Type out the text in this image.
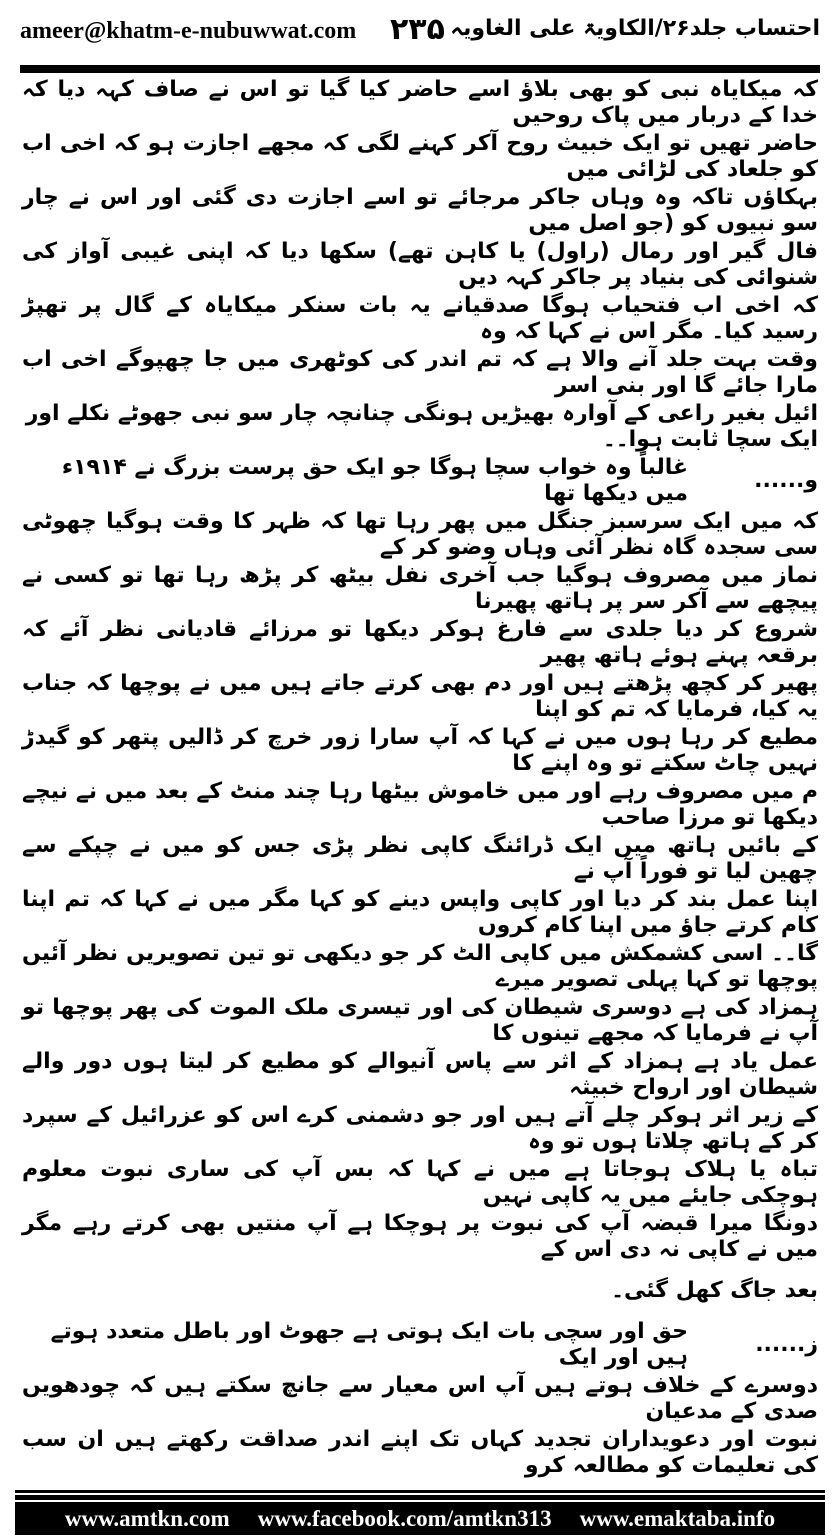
ameer@khatm-e-nubuwwat.com ۲۳۵ احتساب جلد۲۶/الکاویۃ علی الغاویہ
کہ میکایاہ نبی کو بھی بلاؤ اسے حاضر کیا گیا تو اس نے صاف کہہ دیا کہ خدا کے دربار میں پاک روحیں
حاضر تھیں تو ایک خبیث روح آکر کہنے لگی کہ مجھے اجازت ہو کہ اخی اب کو جلعاد کی لڑائی میں
بہکاؤں تاکہ وہ وہاں جاکر مرجائے تو اسے اجازت دی گئی اور اس نے چار سو نبیوں کو (جو اصل میں
فال گیر اور رمال (راول) یا کاہن تھے) سکھا دیا کہ اپنی غیبی آواز کی شنوائی کی بنیاد پر جاکر کہہ دیں
کہ اخی اب فتحیاب ہوگا صدقیانے یہ بات سنکر میکایاہ کے گال پر تھپڑ رسید کیا۔ مگر اس نے کہا کہ وہ
وقت بہت جلد آنے والا ہے کہ تم اندر کی کوٹھری میں جا چھپوگے اخی اب مارا جائے گا اور بنی اسر
ائیل بغیر راعی کے آوارہ بھیڑیں ہونگی چنانچہ چار سو نبی جھوٹے نکلے اور ایک سچا ثابت ہوا۔۔
و......
غالباً وہ خواب سچا ہوگا جو ایک حق پرست بزرگ نے ۱۹۱۴ء میں دیکھا تھا
کہ میں ایک سرسبز جنگل میں پھر رہا تھا کہ ظہر کا وقت ہوگیا چھوٹی سی سجدہ گاہ نظر آئی وہاں وضو کر کے
نماز میں مصروف ہوگیا جب آخری نفل بیٹھ کر پڑھ رہا تھا تو کسی نے پیچھے سے آکر سر پر ہاتھ پھیرنا
شروع کر دیا جلدی سے فارغ ہوکر دیکھا تو مرزائے قادیانی نظر آئے کہ برقعہ پہنے ہوئے ہاتھ پھیر
پھیر کر کچھ پڑھتے ہیں اور دم بھی کرتے جاتے ہیں میں نے پوچھا کہ جناب یہ کیا، فرمایا کہ تم کو اپنا
مطیع کر رہا ہوں میں نے کہا کہ آپ سارا زور خرچ کر ڈالیں پتھر کو گیدڑ نہیں چاٹ سکتے تو وہ اپنے کا
م میں مصروف رہے اور میں خاموش بیٹھا رہا چند منٹ کے بعد میں نے نیچے دیکھا تو مرزا صاحب
کے بائیں ہاتھ میں ایک ڈرائنگ کاپی نظر پڑی جس کو میں نے چپکے سے چھین لیا تو فوراً آپ نے
اپنا عمل بند کر دیا اور کاپی واپس دینے کو کہا مگر میں نے کہا کہ تم اپنا کام کرتے جاؤ میں اپنا کام کروں
گا۔۔ اسی کشمکش میں کاپی الٹ کر جو دیکھی تو تین تصویریں نظر آئیں پوچھا تو کہا پہلی تصویر میرے
ہمزاد کی ہے دوسری شیطان کی اور تیسری ملک الموت کی پھر پوچھا تو آپ نے فرمایا کہ مجھے تینوں کا
عمل یاد ہے ہمزاد کے اثر سے پاس آنیوالے کو مطیع کر لیتا ہوں دور والے شیطان اور ارواح خبیثہ
کے زیر اثر ہوکر چلے آتے ہیں اور جو دشمنی کرے اس کو عزرائیل کے سپرد کر کے ہاتھ چلاتا ہوں تو وہ
تباہ یا ہلاک ہوجاتا ہے میں نے کہا کہ بس آپ کی ساری نبوت معلوم ہوچکی جایئے میں یہ کاپی نہیں
دونگا میرا قبضہ آپ کی نبوت پر ہوچکا ہے آپ منتیں بھی کرتے رہے مگر میں نے کاپی نہ دی اس کے
بعد جاگ کھل گئی۔
ز......
حق اور سچی بات ایک ہوتی ہے جھوٹ اور باطل متعدد ہوتے ہیں اور ایک
دوسرے کے خلاف ہوتے ہیں آپ اس معیار سے جانچ سکتے ہیں کہ چودھویں صدی کے مدعیان
نبوت اور دعویداران تجدید کہاں تک اپنے اندر صداقت رکھتے ہیں ان سب کی تعلیمات کو مطالعہ کرو
www.amtkn.com www.facebook.com/amtkn313 www.emaktaba.info
